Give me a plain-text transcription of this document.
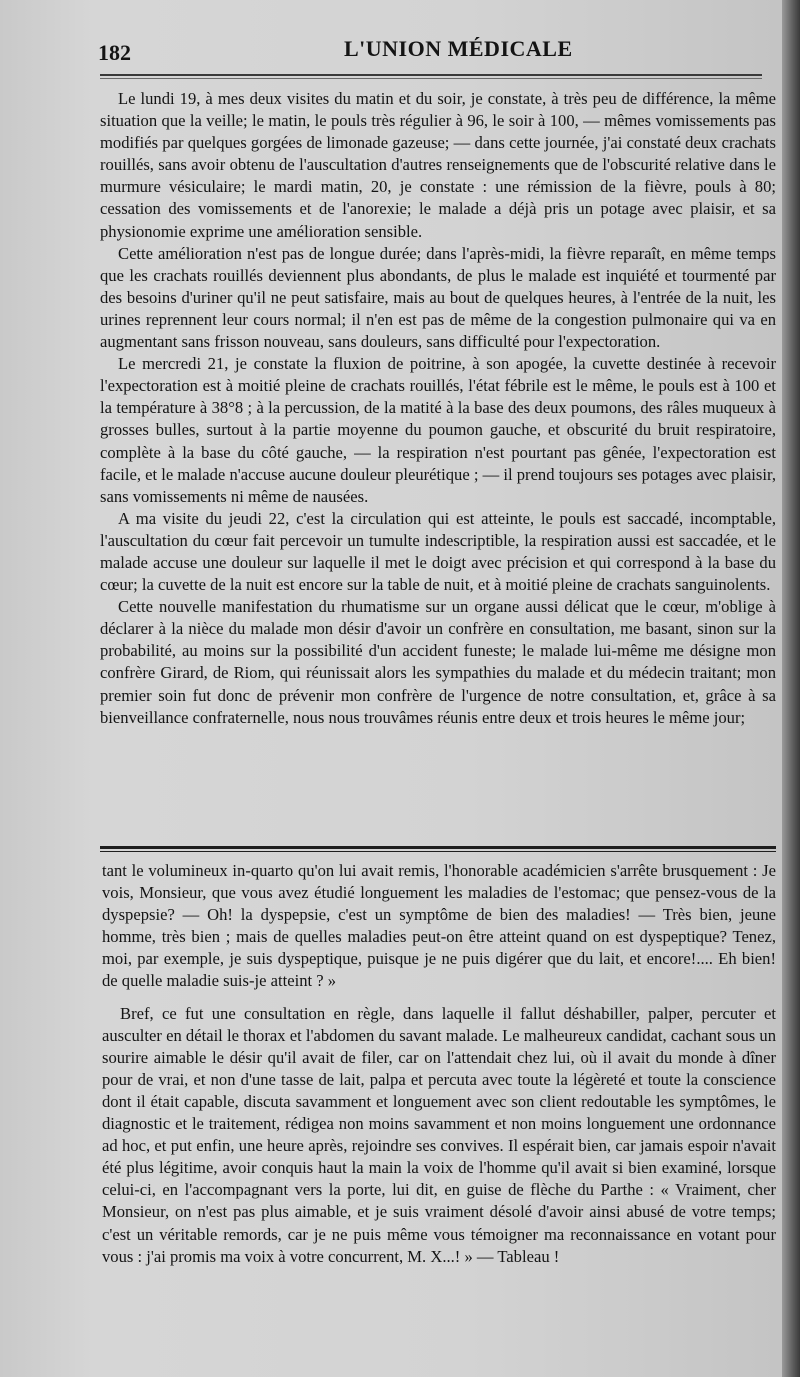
182	L'UNION MÉDICALE

Le lundi 19, à mes deux visites du matin et du soir, je constate, à très peu de différence, la même situation que la veille; le matin, le pouls très régulier à 96, le soir à 100, — mêmes vomissements pas modifiés par quelques gorgées de limonade gazeuse; — dans cette journée, j'ai constaté deux crachats rouillés, sans avoir obtenu de l'auscultation d'autres renseignements que de l'obscurité relative dans le murmure vésiculaire; le mardi matin, 20, je constate : une rémission de la fièvre, pouls à 80; cessation des vomissements et de l'anorexie; le malade a déjà pris un potage avec plaisir, et sa physionomie exprime une amélioration sensible.

Cette amélioration n'est pas de longue durée; dans l'après-midi, la fièvre reparaît, en même temps que les crachats rouillés deviennent plus abondants, de plus le malade est inquiété et tourmenté par des besoins d'uriner qu'il ne peut satisfaire, mais au bout de quelques heures, à l'entrée de la nuit, les urines reprennent leur cours normal; il n'en est pas de même de la congestion pulmonaire qui va en augmentant sans frisson nouveau, sans douleurs, sans difficulté pour l'expectoration.

Le mercredi 21, je constate la fluxion de poitrine, à son apogée, la cuvette destinée à recevoir l'expectoration est à moitié pleine de crachats rouillés, l'état fébrile est le même, le pouls est à 100 et la température à 38°8 ; à la percussion, de la matité à la base des deux poumons, des râles muqueux à grosses bulles, surtout à la partie moyenne du poumon gauche, et obscurité du bruit respiratoire, complète à la base du côté gauche, — la respiration n'est pourtant pas gênée, l'expectoration est facile, et le malade n'accuse aucune douleur pleurétique ; — il prend toujours ses potages avec plaisir, sans vomissements ni même de nausées.

A ma visite du jeudi 22, c'est la circulation qui est atteinte, le pouls est saccadé, incomptable, l'auscultation du cœur fait percevoir un tumulte indescriptible, la respiration aussi est saccadée, et le malade accuse une douleur sur laquelle il met le doigt avec précision et qui correspond à la base du cœur; la cuvette de la nuit est encore sur la table de nuit, et à moitié pleine de crachats sanguinolents.

Cette nouvelle manifestation du rhumatisme sur un organe aussi délicat que le cœur, m'oblige à déclarer à la nièce du malade mon désir d'avoir un confrère en consultation, me basant, sinon sur la probabilité, au moins sur la possibilité d'un accident funeste; le malade lui-même me désigne mon confrère Girard, de Riom, qui réunissait alors les sympathies du malade et du médecin traitant; mon premier soin fut donc de prévenir mon confrère de l'urgence de notre consultation, et, grâce à sa bienveillance confraternelle, nous nous trouvâmes réunis entre deux et trois heures le même jour;

tant le volumineux in-quarto qu'on lui avait remis, l'honorable académicien s'arrête brusquement : Je vois, Monsieur, que vous avez étudié longuement les maladies de l'estomac; que pensez-vous de la dyspepsie? — Oh! la dyspepsie, c'est un symptôme de bien des maladies! — Très bien, jeune homme, très bien ; mais de quelles maladies peut-on être atteint quand on est dyspeptique? Tenez, moi, par exemple, je suis dyspeptique, puisque je ne puis digérer que du lait, et encore!.... Eh bien! de quelle maladie suis-je atteint ? »

Bref, ce fut une consultation en règle, dans laquelle il fallut déshabiller, palper, percuter et ausculter en détail le thorax et l'abdomen du savant malade. Le malheureux candidat, cachant sous un sourire aimable le désir qu'il avait de filer, car on l'attendait chez lui, où il avait du monde à dîner pour de vrai, et non d'une tasse de lait, palpa et percuta avec toute la légèreté et toute la conscience dont il était capable, discuta savamment et longuement avec son client redoutable les symptômes, le diagnostic et le traitement, rédigea non moins savamment et non moins longuement une ordonnance ad hoc, et put enfin, une heure après, rejoindre ses convives. Il espérait bien, car jamais espoir n'avait été plus légitime, avoir conquis haut la main la voix de l'homme qu'il avait si bien examiné, lorsque celui-ci, en l'accompagnant vers la porte, lui dit, en guise de flèche du Parthe : « Vraiment, cher Monsieur, on n'est pas plus aimable, et je suis vraiment désolé d'avoir ainsi abusé de votre temps; c'est un véritable remords, car je ne puis même vous témoigner ma reconnaissance en votant pour vous : j'ai promis ma voix à votre concurrent, M. X...! » — Tableau !
